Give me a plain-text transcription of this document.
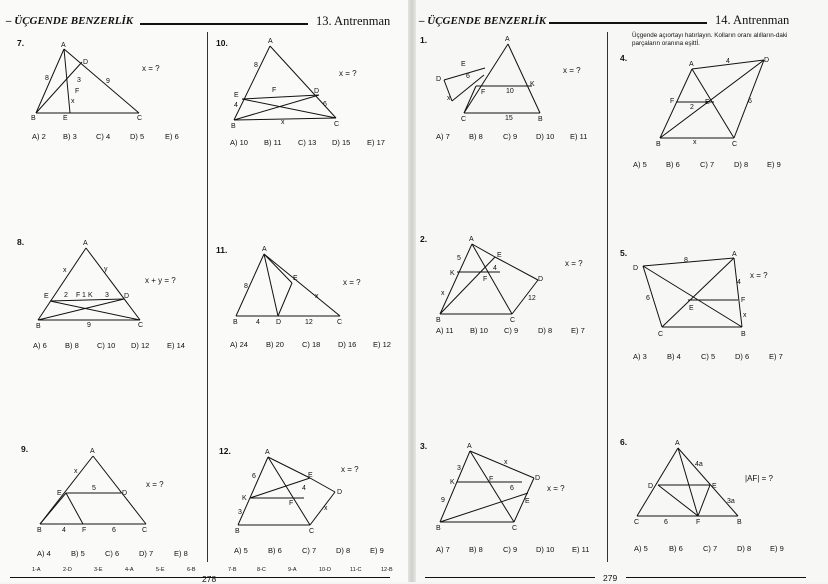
– ÜÇGENDE BENZERLİK	13. Antrenman
7.
x = ?
A
B	C
D
E
F
8	3	9
x
A) 2	B) 3	C) 4	D) 5	E) 6
10.
x = ?
A
B	C
D
E
F
8
4	6
x
A) 10	B) 11	C) 13	D) 15	E) 17
8.
x + y = ?
A
B	C
D
E	F K
x	y
2 1	3
9
A) 6	B) 8	C) 10	D) 12	E) 14
11.
x = ?
A
B	C
D
E
8
4	12
x
A) 24	B) 20	C) 18	D) 16	E) 12
9.
x = ?
A
B	C
D
E
F
x
5
4	6
A) 4	B) 5	C) 6	D) 7	E) 8
12.
x = ?
A
B	C
D
E
F
K
6
4
3
x
A) 5	B) 6	C) 7	D) 8	E) 9
1-A	2-D	3-E	4-A	5-E	6-B	7-B	8-C	9-A	10-D	11-C	12-B
278
– ÜÇGENDE BENZERLİK	14. Antrenman
Üçgende açıortayı hatırlayın. Kolların oranı alılların-daki parçaların oranına eşittİ.
1.
x = ?
A
B
C
D
E
F
K
6
10
15
x
A) 7	B) 8	C) 9	D) 10	E) 11
4.
A
B	C
D
E
F
4
2
6
x
A) 5	B) 6	C) 7	D) 8	E) 9
2.
x = ?
A
B	C
D
E
F
K
5
4
12
x
A) 11	B) 10	C) 9	D) 8	E) 7
5.
x = ?
A
B
C
D
E
F
8
4
6
x
A) 3	B) 4	C) 5	D) 6	E) 7
3.
x = ?
A
B	C
D
E
F
K
3
9
6
x
A) 7	B) 8	C) 9	D) 10	E) 11
6.
|AF| = ?
A
B
C
D	E
F
4a
3a
6
A) 5	B) 6	C) 7	D) 8	E) 9
279
